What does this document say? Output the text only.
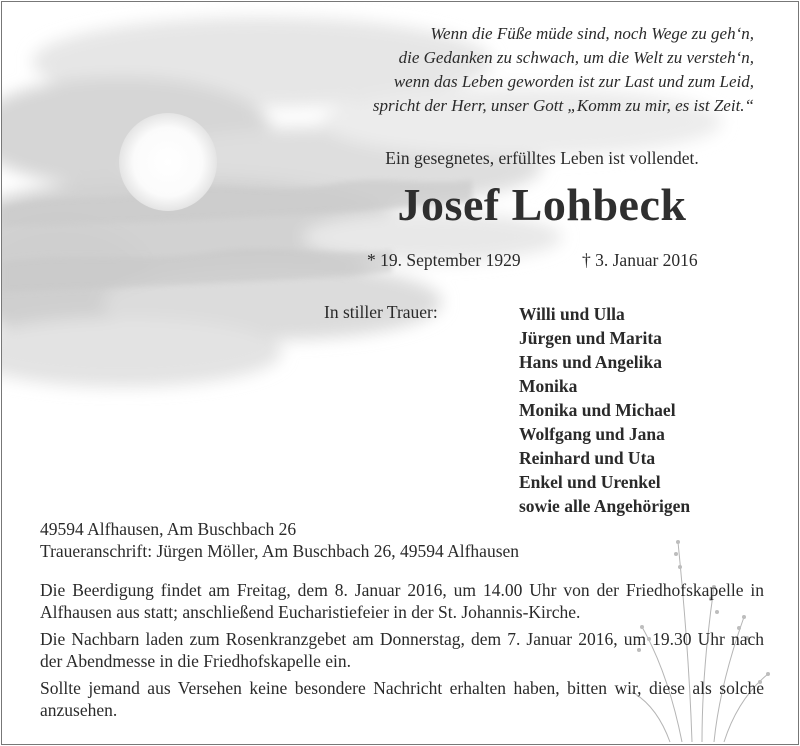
Wenn die Füße müde sind, noch Wege zu geh‘n,
die Gedanken zu schwach, um die Welt zu versteh‘n,
wenn das Leben geworden ist zur Last und zum Leid,
spricht der Herr, unser Gott „Komm zu mir, es ist Zeit.“
Ein gesegnetes, erfülltes Leben ist vollendet.
Josef Lohbeck
* 19. September 1929	† 3. Januar 2016
In stiller Trauer:	Willi und Ulla
Jürgen und Marita
Hans und Angelika
Monika
Monika und Michael
Wolfgang und Jana
Reinhard und Uta
Enkel und Urenkel
sowie alle Angehörigen
49594 Alfhausen, Am Buschbach 26
Traueranschrift: Jürgen Möller, Am Buschbach 26, 49594 Alfhausen

Die Beerdigung findet am Freitag, dem 8. Januar 2016, um 14.00 Uhr von der Friedhofskapelle in Alfhausen aus statt; anschließend Eucharistiefeier in der St. Johannis-Kirche.

Die Nachbarn laden zum Rosenkranzgebet am Donnerstag, dem 7. Januar 2016, um 19.30 Uhr nach der Abendmesse in die Friedhofskapelle ein.

Sollte jemand aus Versehen keine besondere Nachricht erhalten haben, bitten wir, diese als solche anzusehen.
